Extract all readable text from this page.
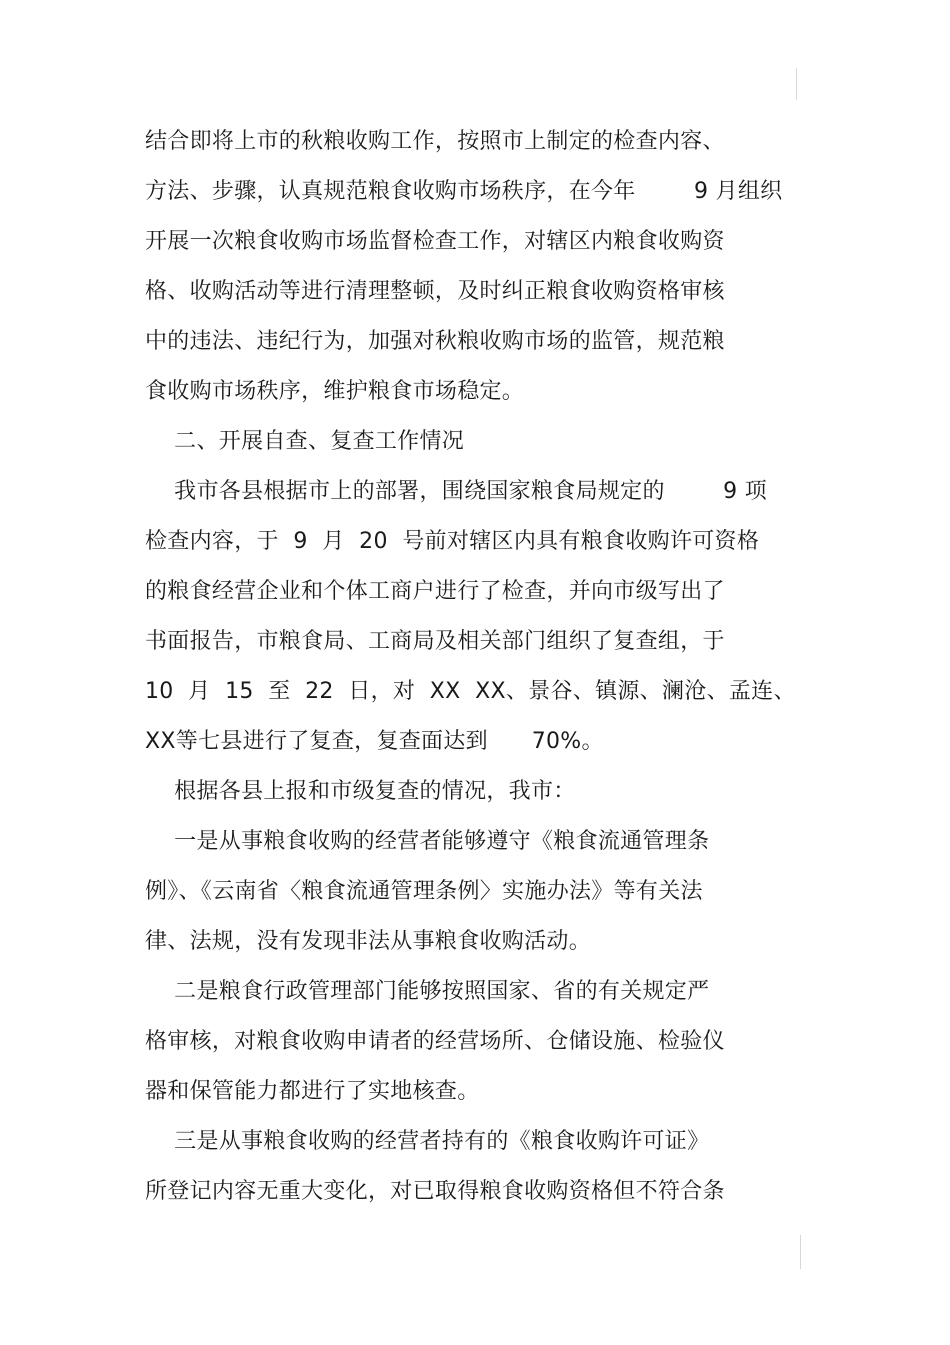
结合即将上市的秋粮收购工作，按照市上制定的检查内容、
方法、步骤，认真规范粮食收购市场秩序，在今年        9 月组织
开展一次粮食收购市场监督检查工作，对辖区内粮食收购资
格、收购活动等进行清理整顿，及时纠正粮食收购资格审核
中的违法、违纪行为，加强对秋粮收购市场的监管，规范粮
食收购市场秩序，维护粮食市场稳定。
二、开展自查、复查工作情况
我市各县根据市上的部署，围绕国家粮食局规定的        9 项
检查内容，于  9  月  20  号前对辖区内具有粮食收购许可资格
的粮食经营企业和个体工商户进行了检查，并向市级写出了
书面报告，市粮食局、工商局及相关部门组织了复查组，于
10  月  15  至  22  日，对  XX  XX、景谷、镇源、澜沧、孟连、
XX等七县进行了复查，复查面达到      70%。
根据各县上报和市级复查的情况，我市：
一是从事粮食收购的经营者能够遵守《粮食流通管理条
例》、《云南省〈粮食流通管理条例〉实施办法》等有关法
律、法规，没有发现非法从事粮食收购活动。
二是粮食行政管理部门能够按照国家、省的有关规定严
格审核，对粮食收购申请者的经营场所、仓储设施、检验仪
器和保管能力都进行了实地核查。
三是从事粮食收购的经营者持有的《粮食收购许可证》
所登记内容无重大变化，对已取得粮食收购资格但不符合条
